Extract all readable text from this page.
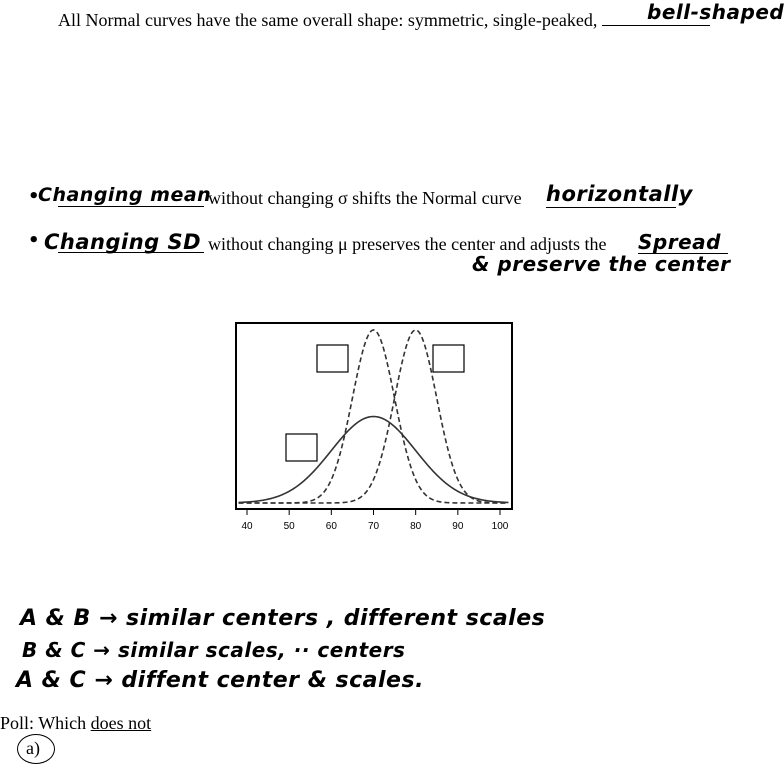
All Normal curves have the same overall shape: symmetric, single-peaked,	bell-shaped
•
Changing mean
without changing σ shifts the Normal curve horizontally
• Changing SD without changing μ preserves the center and adjusts the Spread
& preserve the center
40	50	60	70	80	90	100
A & B → similar centers , different scales
B & C → similar scales, ·· centers
A & C → diffent center & scales.
Poll: Which does not
a)
